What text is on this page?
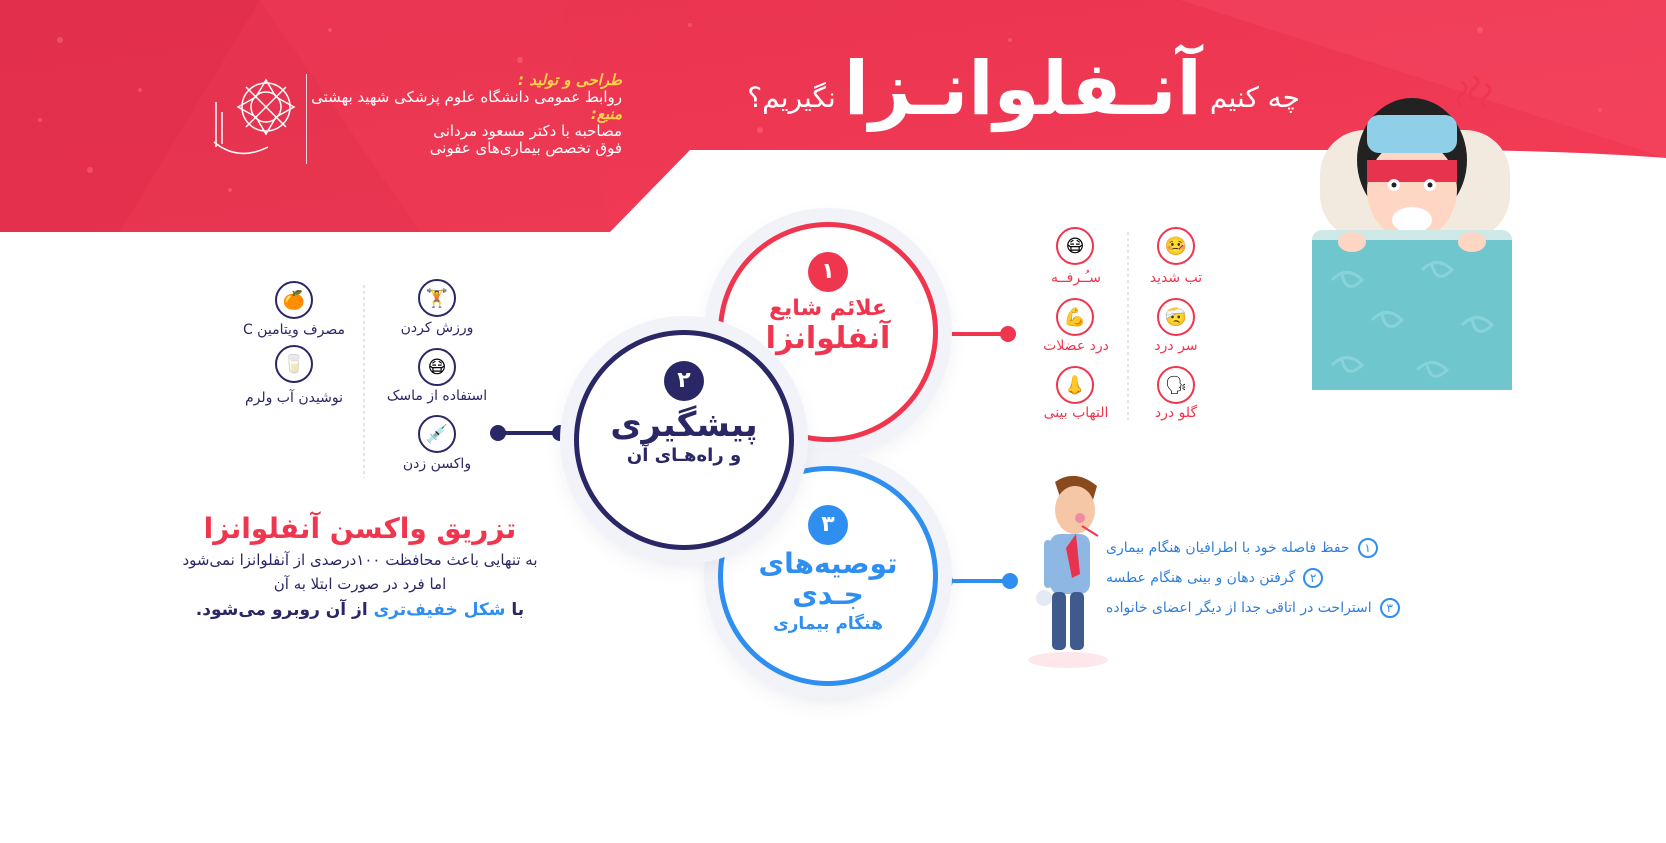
چه کنیم
آنـفلوانـزا
نگیریم؟
طراحی و تولید :
روابط عمومی دانشگاه علوم پزشکی شهید بهشتی
منبع:
مصاحبه با دکتر مسعود مردانی
فوق تخصص بیماری‌های عفونی
١
علائم شایع
آنفلوانزا
٣
توصیه‌های
جـدی
هنگام بیماری
٢
پیشگیری
و راه‌هـای آن
🤒
تب شدید
😷
سـُـرفــه
🤕
سر درد
💪
درد عضلات
🗣
گلو درد
👃
التهاب بینی
🏋
ورزش کردن
🍊
مصرف ویتامین C
😷
استفاده از ماسک
🥛
نوشیدن آب ولرم
💉
واکسن زدن
تزریق واکسن آنفلوانزا
به تنهایی باعث محافظت ۱۰۰درصدی از آنفلوانزا نمی‌شود
اما فرد در صورت ابتلا به آن
با شکل خفیف‌تری از آن روبرو می‌شود.
١
حفظ فاصله خود با اطرافیان هنگام بیماری
٢
گرفتن دهان و بینی هنگام عطسه
٣
استراحت در اتاقی جدا از دیگر اعضای خانواده
